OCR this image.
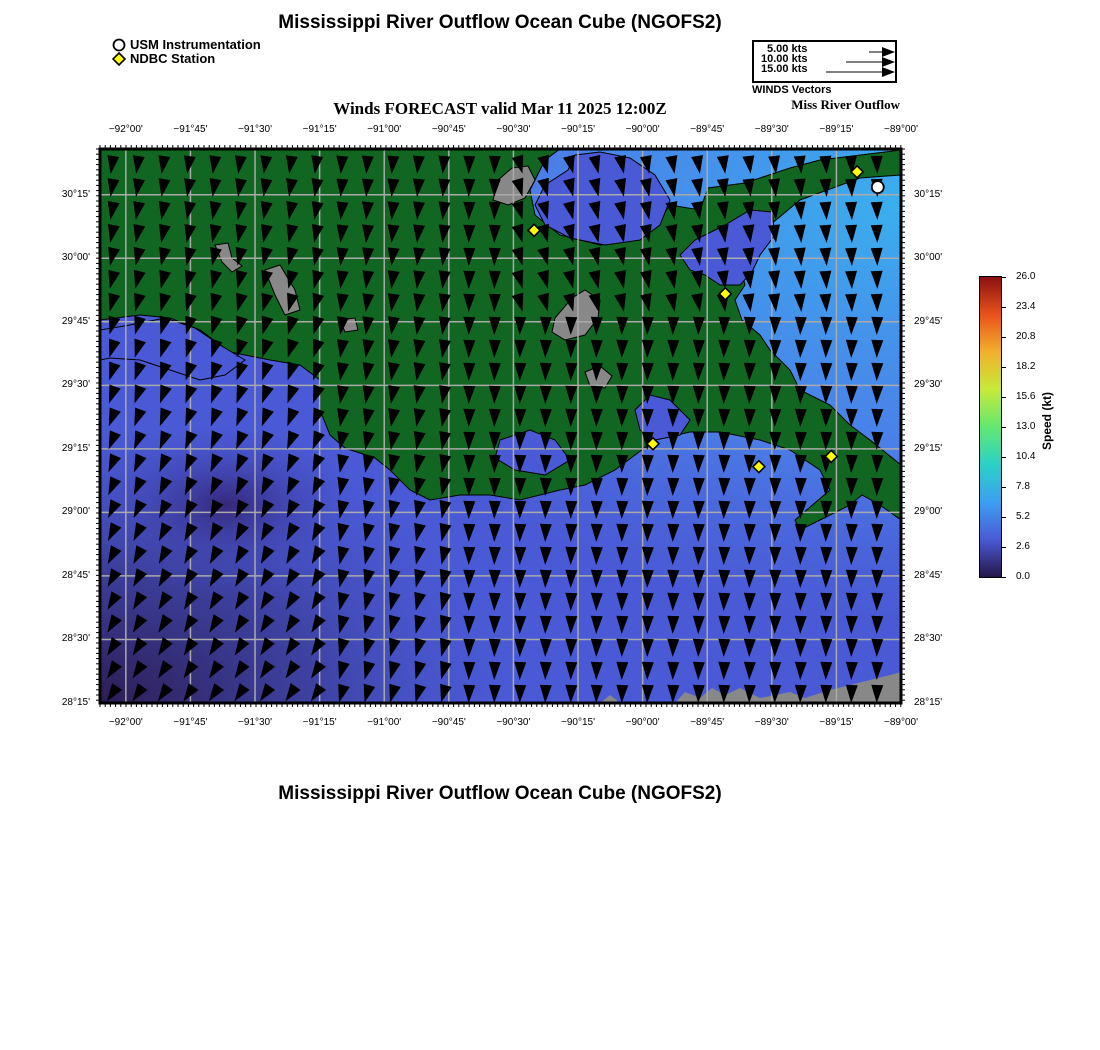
Mississippi River Outflow Ocean Cube (NGOFS2)
USM Instrumentation
NDBC Station
5.00 kts
10.00 kts
15.00 kts
WINDS Vectors
Winds FORECAST valid Mar 11 2025 12:00Z	Miss River Outflow
−92°00'	−91°45'	−91°30'	−91°15'	−91°00'	−90°45'	−90°30'	−90°15'	−90°00'	−89°45'	−89°30'	−89°15'	−89°00'
−92°00'	−91°45'	−91°30'	−91°15'	−91°00'	−90°45'	−90°30'	−90°15'	−90°00'	−89°45'	−89°30'	−89°15'	−89°00'
30°15'
30°00'
29°45'
29°30'
29°15'
29°00'
28°45'
28°30'
28°15'
30°15'
30°00'
29°45'
29°30'
29°15'
29°00'
28°45'
28°30'
28°15'
26.0
23.4
20.8
18.2
15.6
13.0
10.4
7.8
5.2
2.6
0.0
Speed (kt)
Mississippi River Outflow Ocean Cube (NGOFS2)
